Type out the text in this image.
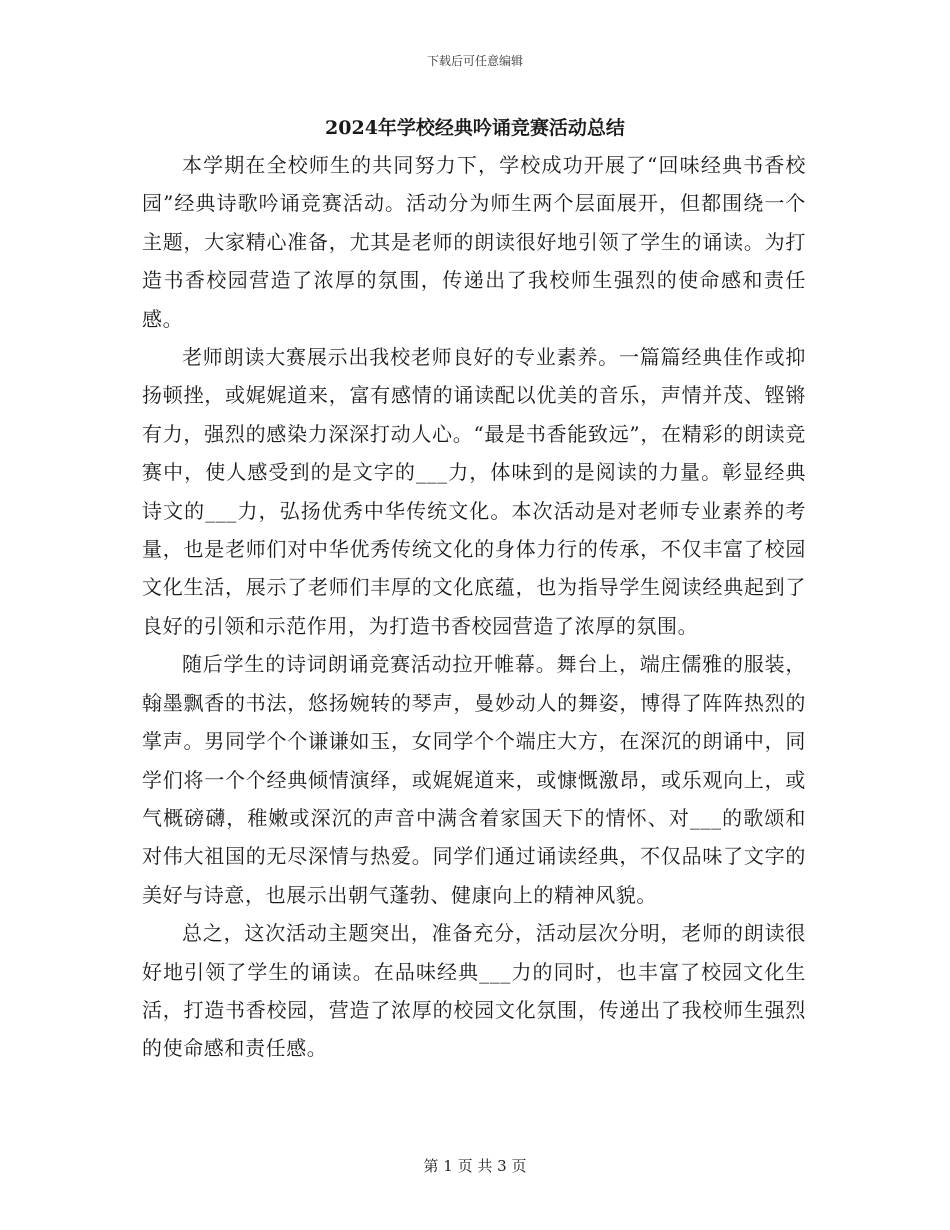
下载后可任意编辑
2024年学校经典吟诵竞赛活动总结

本学期在全校师生的共同努力下，学校成功开展了“回味经典书香校园”经典诗歌吟诵竞赛活动。活动分为师生两个层面展开，但都围绕一个主题，大家精心准备，尤其是老师的朗读很好地引领了学生的诵读。为打造书香校园营造了浓厚的氛围，传递出了我校师生强烈的使命感和责任感。

老师朗读大赛展示出我校老师良好的专业素养。一篇篇经典佳作或抑扬顿挫，或娓娓道来，富有感情的诵读配以优美的音乐，声情并茂、铿锵有力，强烈的感染力深深打动人心。“最是书香能致远”，在精彩的朗读竞赛中，使人感受到的是文字的___力，体味到的是阅读的力量。彰显经典诗文的___力，弘扬优秀中华传统文化。本次活动是对老师专业素养的考量，也是老师们对中华优秀传统文化的身体力行的传承，不仅丰富了校园文化生活，展示了老师们丰厚的文化底蕴，也为指导学生阅读经典起到了良好的引领和示范作用，为打造书香校园营造了浓厚的氛围。

随后学生的诗词朗诵竞赛活动拉开帷幕。舞台上，端庄儒雅的服装，翰墨飘香的书法，悠扬婉转的琴声，曼妙动人的舞姿，博得了阵阵热烈的掌声。男同学个个谦谦如玉，女同学个个端庄大方，在深沉的朗诵中，同学们将一个个经典倾情演绎，或娓娓道来，或慷慨激昂，或乐观向上，或气概磅礴，稚嫩或深沉的声音中满含着家国天下的情怀、对___的歌颂和对伟大祖国的无尽深情与热爱。同学们通过诵读经典，不仅品味了文字的美好与诗意，也展示出朝气蓬勃、健康向上的精神风貌。

总之，这次活动主题突出，准备充分，活动层次分明，老师的朗读很好地引领了学生的诵读。在品味经典___力的同时，也丰富了校园文化生活，打造书香校园，营造了浓厚的校园文化氛围，传递出了我校师生强烈的使命感和责任感。

第 1 页 共 3 页
